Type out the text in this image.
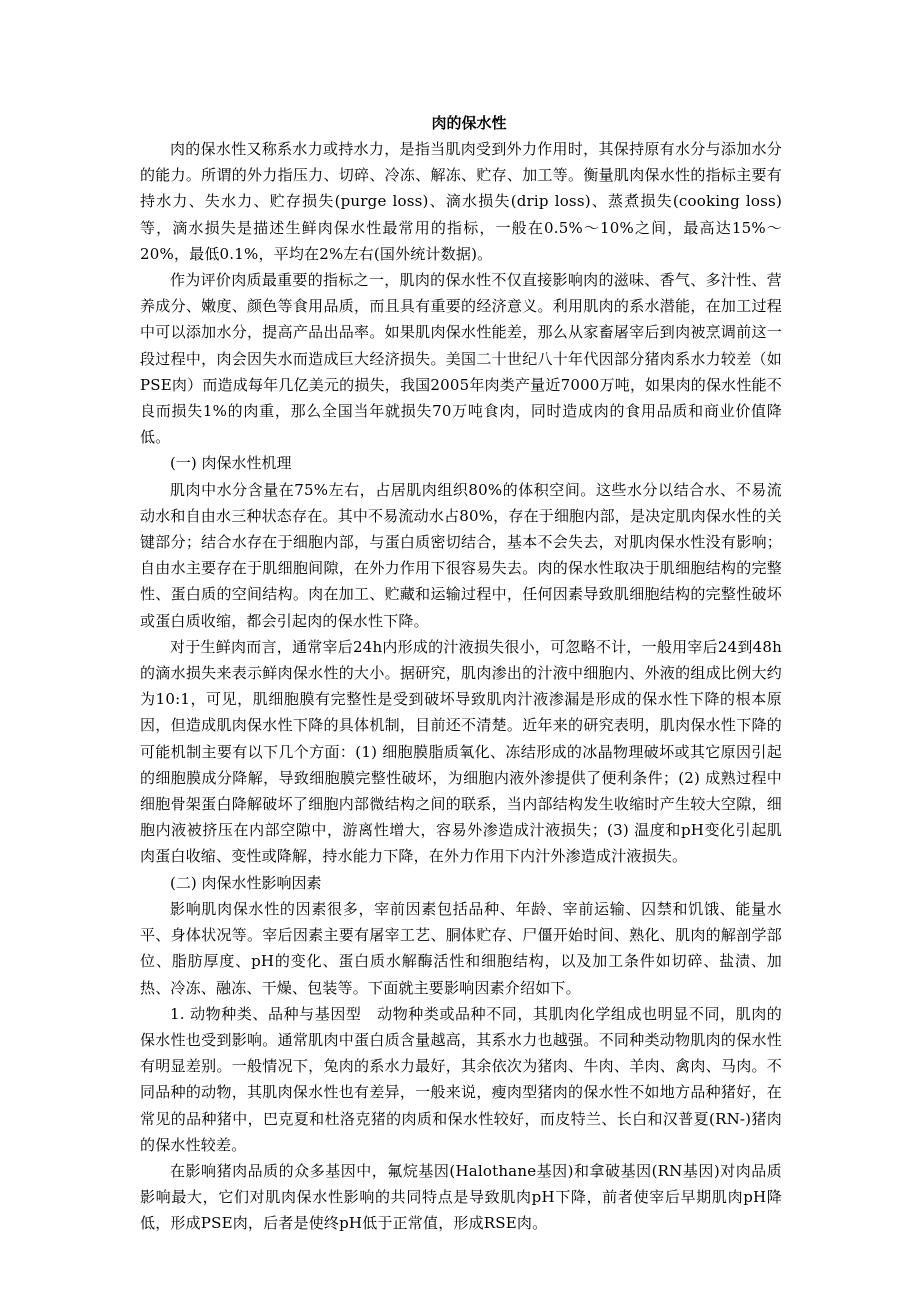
肉的保水性

肉的保水性又称系水力或持水力，是指当肌肉受到外力作用时，其保持原有水分与添加水分的能力。所谓的外力指压力、切碎、冷冻、解冻、贮存、加工等。衡量肌肉保水性的指标主要有持水力、失水力、贮存损失(purge loss)、滴水损失(drip loss)、蒸煮损失(cooking loss)等，滴水损失是描述生鲜肉保水性最常用的指标，一般在0.5%～10%之间，最高达15%～20%，最低0.1%，平均在2%左右(国外统计数据)。

作为评价肉质最重要的指标之一，肌肉的保水性不仅直接影响肉的滋味、香气、多汁性、营养成分、嫩度、颜色等食用品质，而且具有重要的经济意义。利用肌肉的系水潜能，在加工过程中可以添加水分，提高产品出品率。如果肌肉保水性能差，那么从家畜屠宰后到肉被烹调前这一段过程中，肉会因失水而造成巨大经济损失。美国二十世纪八十年代因部分猪肉系水力较差（如PSE肉）而造成每年几亿美元的损失，我国2005年肉类产量近7000万吨，如果肉的保水性能不良而损失1%的肉重，那么全国当年就损失70万吨食肉，同时造成肉的食用品质和商业价值降低。

(一) 肉保水性机理

肌肉中水分含量在75%左右，占居肌肉组织80%的体积空间。这些水分以结合水、不易流动水和自由水三种状态存在。其中不易流动水占80%，存在于细胞内部，是决定肌肉保水性的关键部分；结合水存在于细胞内部，与蛋白质密切结合，基本不会失去，对肌肉保水性没有影响；自由水主要存在于肌细胞间隙，在外力作用下很容易失去。肉的保水性取决于肌细胞结构的完整性、蛋白质的空间结构。肉在加工、贮藏和运输过程中，任何因素导致肌细胞结构的完整性破坏或蛋白质收缩，都会引起肉的保水性下降。

对于生鲜肉而言，通常宰后24h内形成的汁液损失很小，可忽略不计，一般用宰后24到48h的滴水损失来表示鲜肉保水性的大小。据研究，肌肉渗出的汁液中细胞内、外液的组成比例大约为10:1，可见，肌细胞膜有完整性是受到破坏导致肌肉汁液渗漏是形成的保水性下降的根本原因，但造成肌肉保水性下降的具体机制，目前还不清楚。近年来的研究表明，肌肉保水性下降的可能机制主要有以下几个方面：(1) 细胞膜脂质氧化、冻结形成的冰晶物理破坏或其它原因引起的细胞膜成分降解，导致细胞膜完整性破坏，为细胞内液外渗提供了便利条件；(2) 成熟过程中细胞骨架蛋白降解破坏了细胞内部微结构之间的联系，当内部结构发生收缩时产生较大空隙，细胞内液被挤压在内部空隙中，游离性增大，容易外渗造成汁液损失；(3) 温度和pH变化引起肌肉蛋白收缩、变性或降解，持水能力下降，在外力作用下内汁外渗造成汁液损失。

(二) 肉保水性影响因素

影响肌肉保水性的因素很多，宰前因素包括品种、年龄、宰前运输、囚禁和饥饿、能量水平、身体状况等。宰后因素主要有屠宰工艺、胴体贮存、尸僵开始时间、熟化、肌肉的解剖学部位、脂肪厚度、pH的变化、蛋白质水解酶活性和细胞结构，以及加工条件如切碎、盐渍、加热、冷冻、融冻、干燥、包装等。下面就主要影响因素介绍如下。

1. 动物种类、品种与基因型　动物种类或品种不同，其肌肉化学组成也明显不同，肌肉的保水性也受到影响。通常肌肉中蛋白质含量越高，其系水力也越强。不同种类动物肌肉的保水性有明显差别。一般情况下，兔肉的系水力最好，其余依次为猪肉、牛肉、羊肉、禽肉、马肉。不同品种的动物，其肌肉保水性也有差异，一般来说，瘦肉型猪肉的保水性不如地方品种猪好，在常见的品种猪中，巴克夏和杜洛克猪的肉质和保水性较好，而皮特兰、长白和汉普夏(RN-)猪肉的保水性较差。

在影响猪肉品质的众多基因中，氟烷基因(Halothane基因)和拿破基因(RN基因)对肉品质影响最大，它们对肌肉保水性影响的共同特点是导致肌肉pH下降，前者使宰后早期肌肉pH降低，形成PSE肉，后者是使终pH低于正常值，形成RSE肉。
